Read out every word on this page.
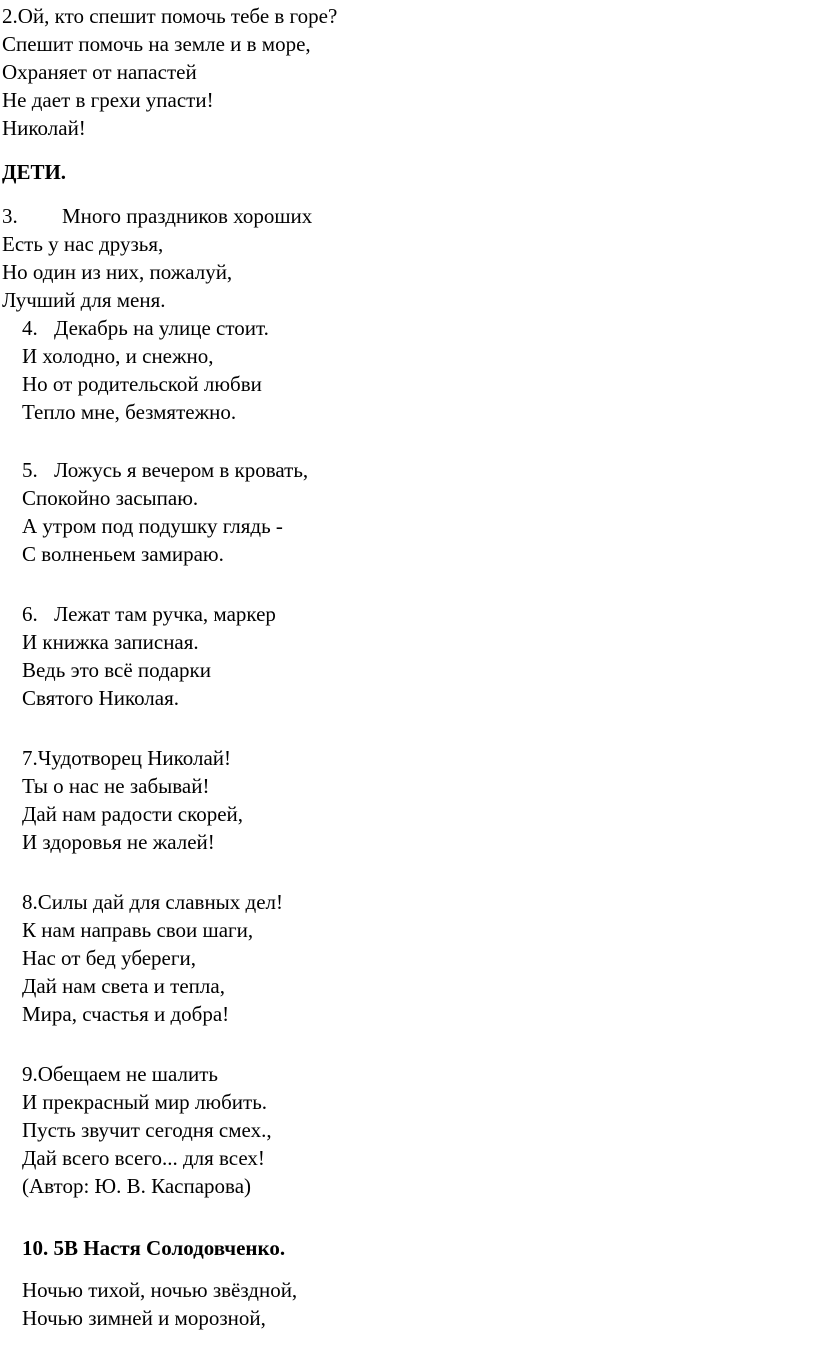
2.Ой, кто спешит помочь тебе в горе?
Спешит помочь на земле и в море,
Охраняет от напастей
Не дает в грехи упасти!
Николай!
ДЕТИ.
3. Много праздников хороших
Есть у нас друзья,
Но один из них, пожалуй,
Лучший для меня.
4. Декабрь на улице стоит.
И холодно, и снежно,
Но от родительской любви
Тепло мне, безмятежно.
5. Ложусь я вечером в кровать,
Спокойно засыпаю.
А утром под подушку глядь -
С волненьем замираю.
6. Лежат там ручка, маркер
И книжка записная.
Ведь это всё подарки
Святого Николая.
7.Чудотворец Николай!
Ты о нас не забывай!
Дай нам радости скорей,
И здоровья не жалей!
8.Силы дай для славных дел!
К нам направь свои шаги,
Нас от бед убереги,
Дай нам света и тепла,
Мира, счастья и добра!
9.Обещаем не шалить
И прекрасный мир любить.
Пусть звучит сегодня смех.,
Дай всего всего... для всех!
(Автор: Ю. В. Каспарова)
10. 5В Настя Солодовченко.
Ночью тихой, ночью звёздной,
Ночью зимней и морозной,
